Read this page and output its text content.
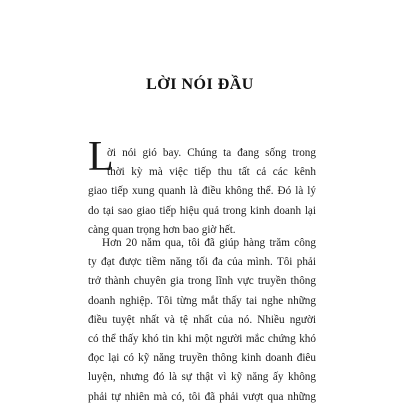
LỜI NÓI ĐẦU
L
ời nói gió bay. Chúng ta đang sống trong
thời kỳ mà việc tiếp thu tất cả các kênh
giao tiếp xung quanh là điều không thể. Đó là lý
do tại sao giao tiếp hiệu quả trong kinh doanh lại
càng quan trọng hơn bao giờ hết.
Hơn 20 năm qua, tôi đã giúp hàng trăm công
ty đạt được tiềm năng tối đa của mình. Tôi phải
trở thành chuyên gia trong lĩnh vực truyền thông
doanh nghiệp. Tôi từng mắt thấy tai nghe những
điều tuyệt nhất và tệ nhất của nó. Nhiều người
có thể thấy khó tin khi một người mắc chứng khó
đọc lại có kỹ năng truyền thông kinh doanh điêu
luyện, nhưng đó là sự thật vì kỹ năng ấy không
phải tự nhiên mà có, tôi đã phải vượt qua những
